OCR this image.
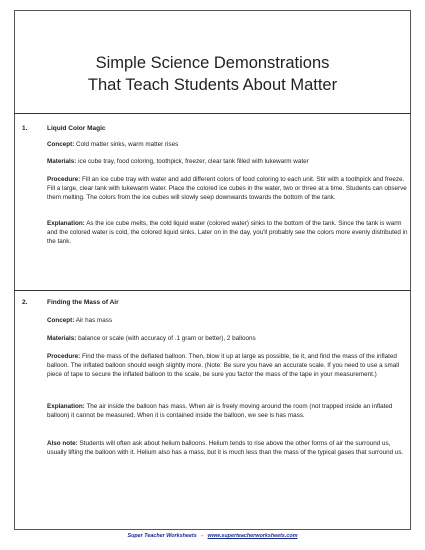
Simple Science Demonstrations
That Teach Students About Matter
1.	Liquid Color Magic
Concept: Cold matter sinks, warm matter rises
Materials: ice cube tray, food coloring, toothpick, freezer, clear tank filled with lukewarm water
Procedure: Fill an ice cube tray with water and add different colors of food coloring to each unit. Stir with a toothpick and freeze. Fill a large, clear tank with lukewarm water. Place the colored ice cubes in the water, two or three at a time. Students can observe them melting. The colors from the ice cubes will slowly seep downwards towards the bottom of the tank.
Explanation: As the ice cube melts, the cold liquid water (colored water) sinks to the bottom of the tank. Since the tank is warm and the colored water is cold, the colored liquid sinks. Later on in the day, you'll probably see the colors more evenly distributed in the tank.
2.	Finding the Mass of Air
Concept: Air has mass
Materials: balance or scale (with accuracy of .1 gram or better), 2 balloons
Procedure: Find the mass of the deflated balloon. Then, blow it up at large as possible, tie it, and find the mass of the inflated balloon. The inflated balloon should weigh slightly more. (Note: Be sure you have an accurate scale. If you need to use a small piece of tape to secure the inflated balloon to the scale, be sure you factor the mass of the tape in your measurement.)
Explanation: The air inside the balloon has mass. When air is freely moving around the room (not trapped inside an inflated balloon) it cannot be measured. When it is contained inside the balloon, we see is has mass.
Also note: Students will often ask about helium balloons. Helium tends to rise above the other forms of air the surround us, usually lifting the balloon with it. Helium also has a mass, but it is much less than the mass of the typical gases that surround us.
Super Teacher Worksheets - www.superteacherworksheets.com
